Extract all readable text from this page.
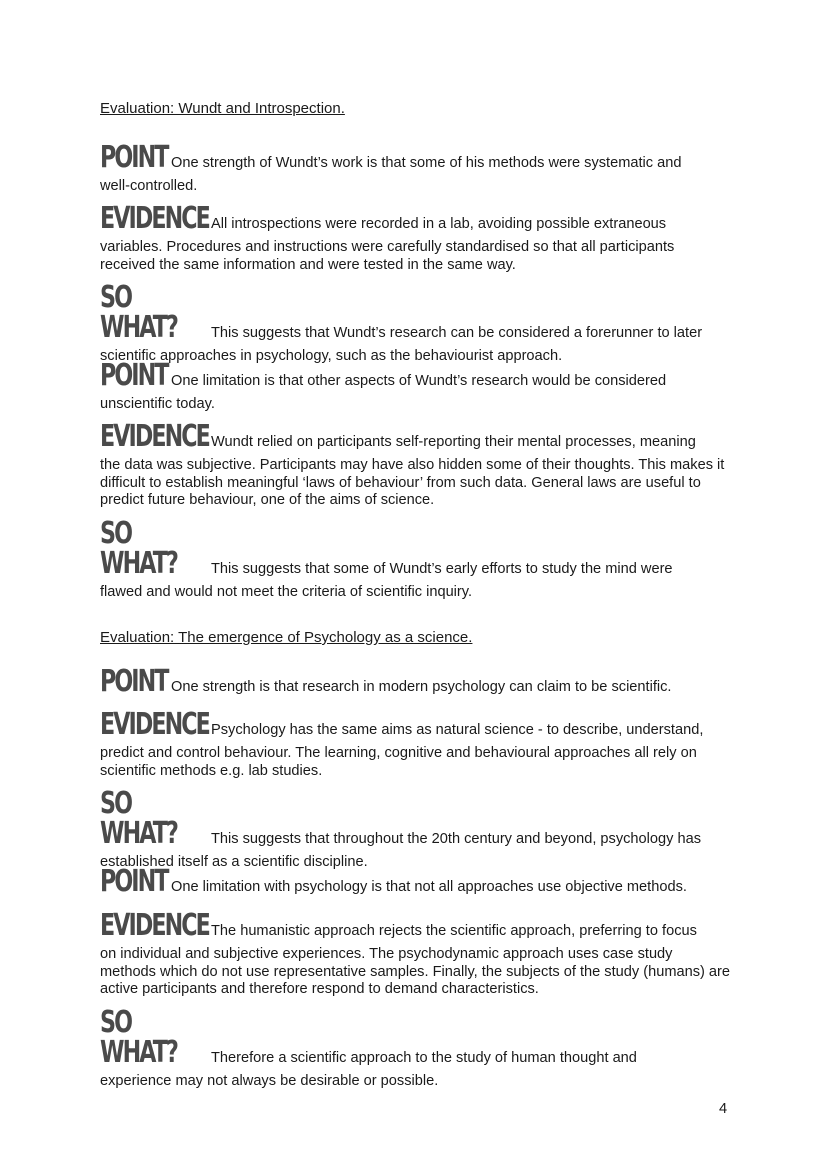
Evaluation: Wundt and Introspection.
POINT One strength of Wundt’s work is that some of his methods were systematic and
well-controlled.
EVIDENCE All introspections were recorded in a lab, avoiding possible extraneous
variables. Procedures and instructions were carefully standardised so that all participants received the same information and were tested in the same way.
SO WHAT? This suggests that Wundt’s research can be considered a forerunner to later
scientific approaches in psychology, such as the behaviourist approach.
POINT One limitation is that other aspects of Wundt’s research would be considered
unscientific today.
EVIDENCE Wundt relied on participants self-reporting their mental processes, meaning
the data was subjective. Participants may have also hidden some of their thoughts. This makes it difficult to establish meaningful ‘laws of behaviour’ from such data. General laws are useful to predict future behaviour, one of the aims of science.
SO WHAT? This suggests that some of Wundt’s early efforts to study the mind were
flawed and would not meet the criteria of scientific inquiry.
Evaluation: The emergence of Psychology as a science.
POINT One strength is that research in modern psychology can claim to be scientific.
EVIDENCE Psychology has the same aims as natural science - to describe, understand,
predict and control behaviour. The learning, cognitive and behavioural approaches all rely on scientific methods e.g. lab studies.
SO WHAT? This suggests that throughout the 20th century and beyond, psychology has
established itself as a scientific discipline.
POINT One limitation with psychology is that not all approaches use objective methods.
EVIDENCE The humanistic approach rejects the scientific approach, preferring to focus
on individual and subjective experiences. The psychodynamic approach uses case study methods which do not use representative samples. Finally, the subjects of the study (humans) are active participants and therefore respond to demand characteristics.
SO WHAT? Therefore a scientific approach to the study of human thought and
experience may not always be desirable or possible.
4
